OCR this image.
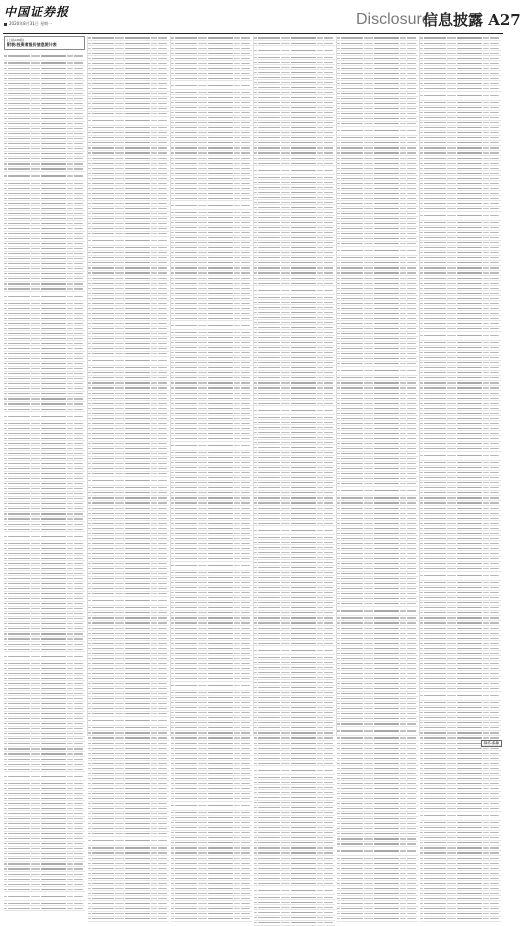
中国证券报
2020年8月31日 星期一	Disclosure
信息披露 A27
(上接A26版)
附表:投资者报价信息统计表
制作 张楠
